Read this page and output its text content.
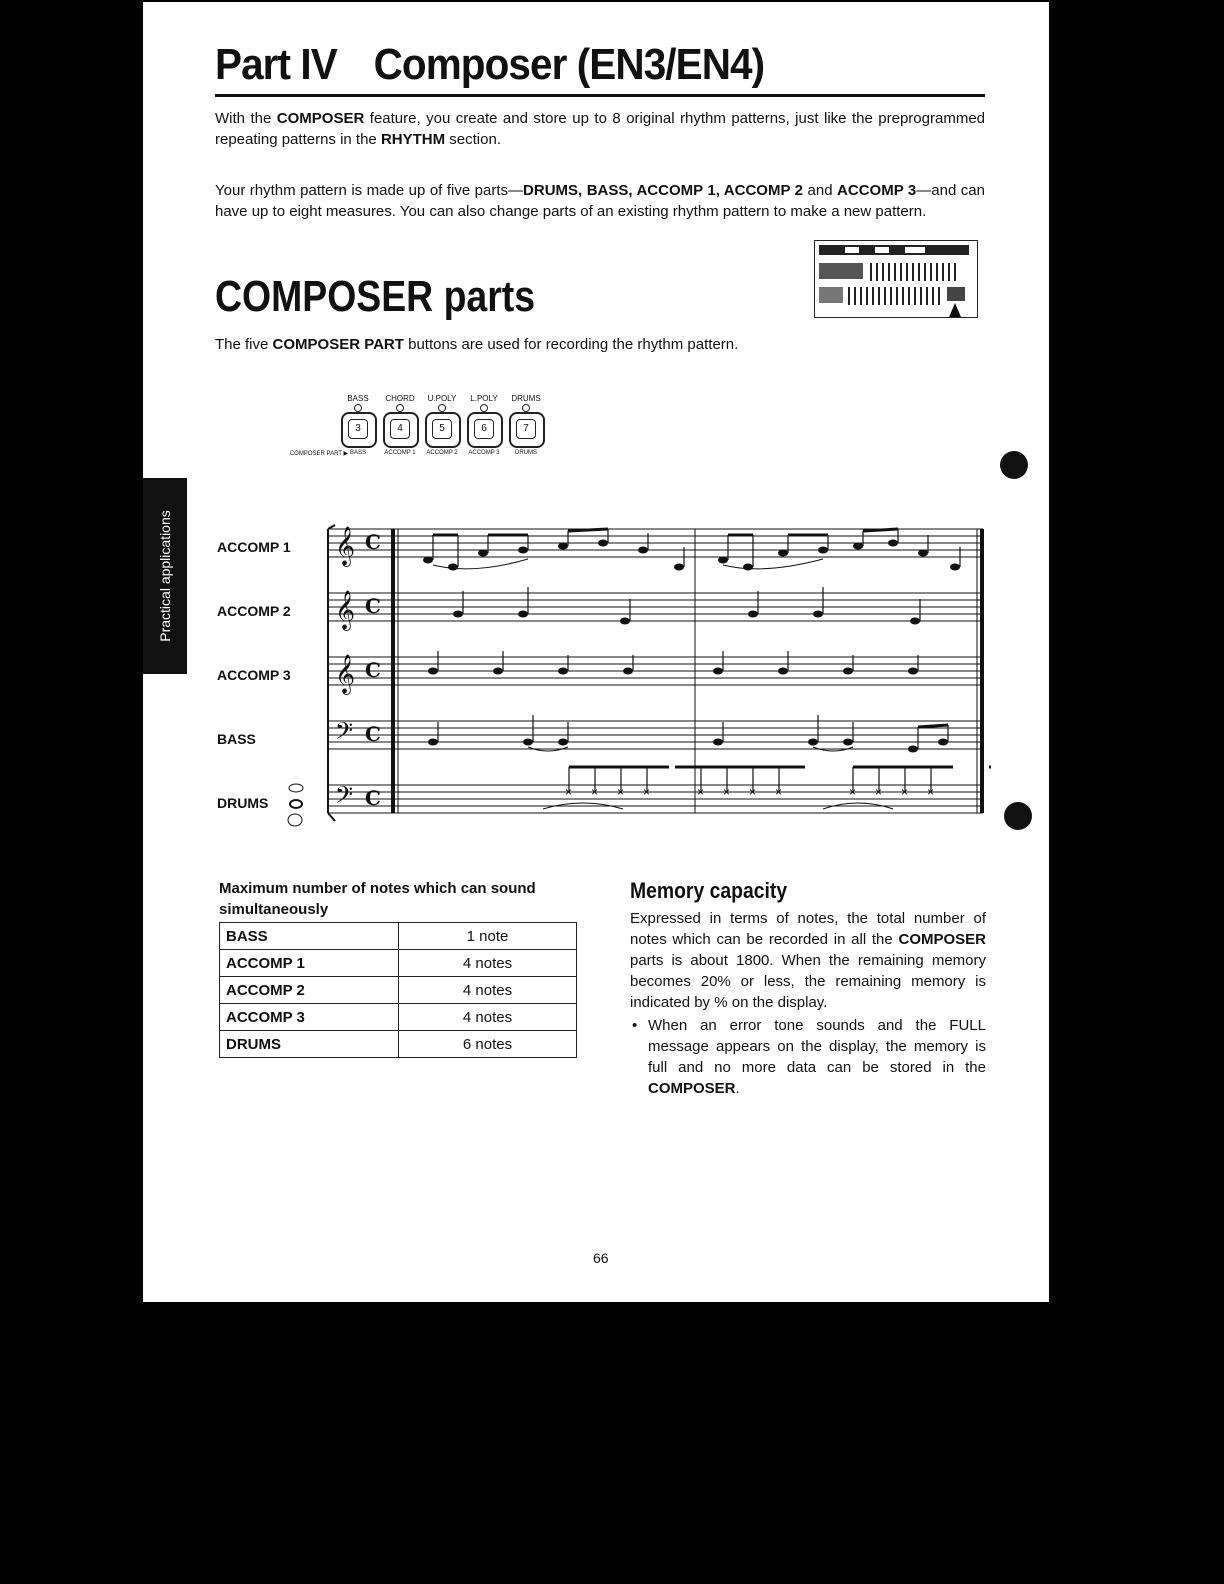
Part IV Composer (EN3/EN4)

With the COMPOSER feature, you create and store up to 8 original rhythm patterns, just like the preprogrammed repeating patterns in the RHYTHM section.

Your rhythm pattern is made up of five parts—DRUMS, BASS, ACCOMP 1, ACCOMP 2 and ACCOMP 3—and can have up to eight measures. You can also change parts of an existing rhythm pattern to make a new pattern.

COMPOSER parts

The five COMPOSER PART buttons are used for recording the rhythm pattern.

BASS	CHORD	U.POLY	L.POLY	DRUMS
3	4	5	6	7
COMPOSER PART ▶ BASS	ACCOMP 1	ACCOMP 2	ACCOMP 3	DRUMS
ACCOMP 1
ACCOMP 2
ACCOMP 3
BASS
DRUMS
𝄞
𝄞
𝄞
𝄢
𝄢
C
C
C
C
C	× × × ×	× × × ×	× × × ×
Maximum number of notes which can sound simultaneously
BASS	1 note
ACCOMP 1	4 notes
ACCOMP 2	4 notes
ACCOMP 3	4 notes
DRUMS	6 notes
Memory capacity
Expressed in terms of notes, the total number of notes which can be recorded in all the COMPOSER parts is about 1800. When the remaining memory becomes 20% or less, the remaining memory is indicated by % on the display.
• When an error tone sounds and the FULL message appears on the display, the memory is full and no more data can be stored in the COMPOSER.
66
Practical applications
